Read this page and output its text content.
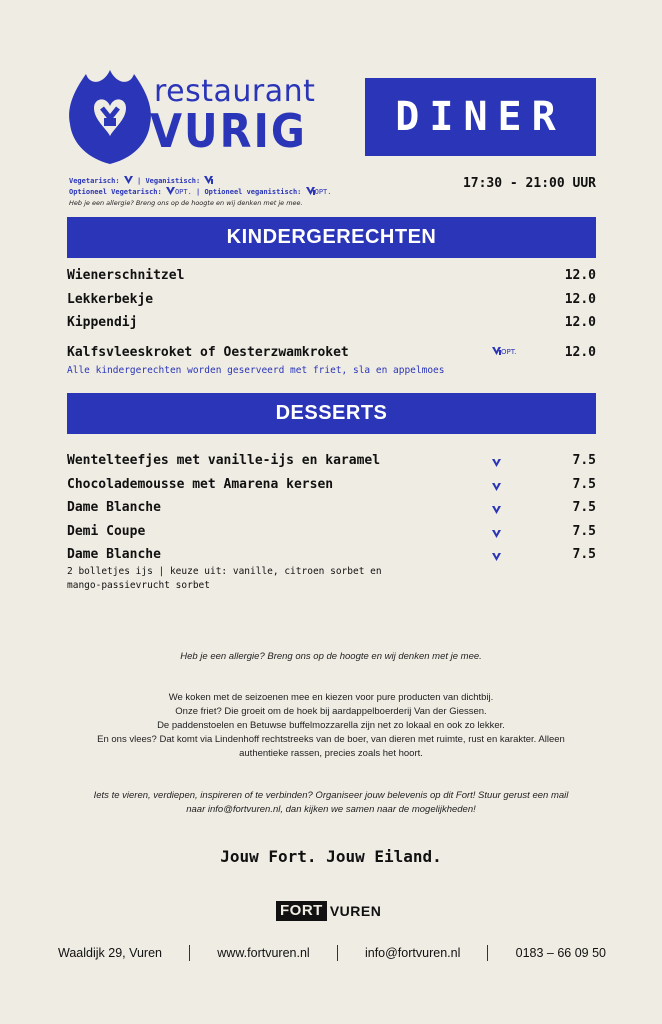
restaurant
VURIG	DINER
Vegetarisch:  | Veganistisch:
Optioneel Vegetarisch: OPT. | Optioneel veganistisch: OPT.
Heb je een allergie? Breng ons op de hoogte en wij denken met je mee.
17:30 - 21:00 UUR
KINDERGERECHTEN
Wienerschnitzel	12.0
Lekkerbekje	12.0
Kippendij	12.0
Kalfsvleeskroket of Oesterzwamkroket	OPT.	12.0
Alle kindergerechten worden geserveerd met friet, sla en appelmoes
DESSERTS
Wentelteefjes met vanille-ijs en karamel	7.5
Chocolademousse met Amarena kersen	7.5
Dame Blanche	7.5
Demi Coupe	7.5
Dame Blanche	7.5
2 bolletjes ijs | keuze uit: vanille, citroen sorbet en
mango-passievrucht sorbet
Heb je een allergie? Breng ons op de hoogte en wij denken met je mee.
We koken met de seizoenen mee en kiezen voor pure producten van dichtbij.
Onze friet? Die groeit om de hoek bij aardappelboerderij Van der Giessen.
De paddenstoelen en Betuwse buffelmozzarella zijn net zo lokaal en ook zo lekker.
En ons vlees? Dat komt via Lindenhoff rechtstreeks van de boer, van dieren met ruimte, rust en karakter. Alleen
authentieke rassen, precies zoals het hoort.
Iets te vieren, verdiepen, inspireren of te verbinden? Organiseer jouw belevenis op dit Fort! Stuur gerust een mail
naar info@fortvuren.nl, dan kijken we samen naar de mogelijkheden!
Jouw Fort. Jouw Eiland.
FORT VUREN
Waaldijk 29, Vuren	www.fortvuren.nl	info@fortvuren.nl	0183 – 66 09 50
